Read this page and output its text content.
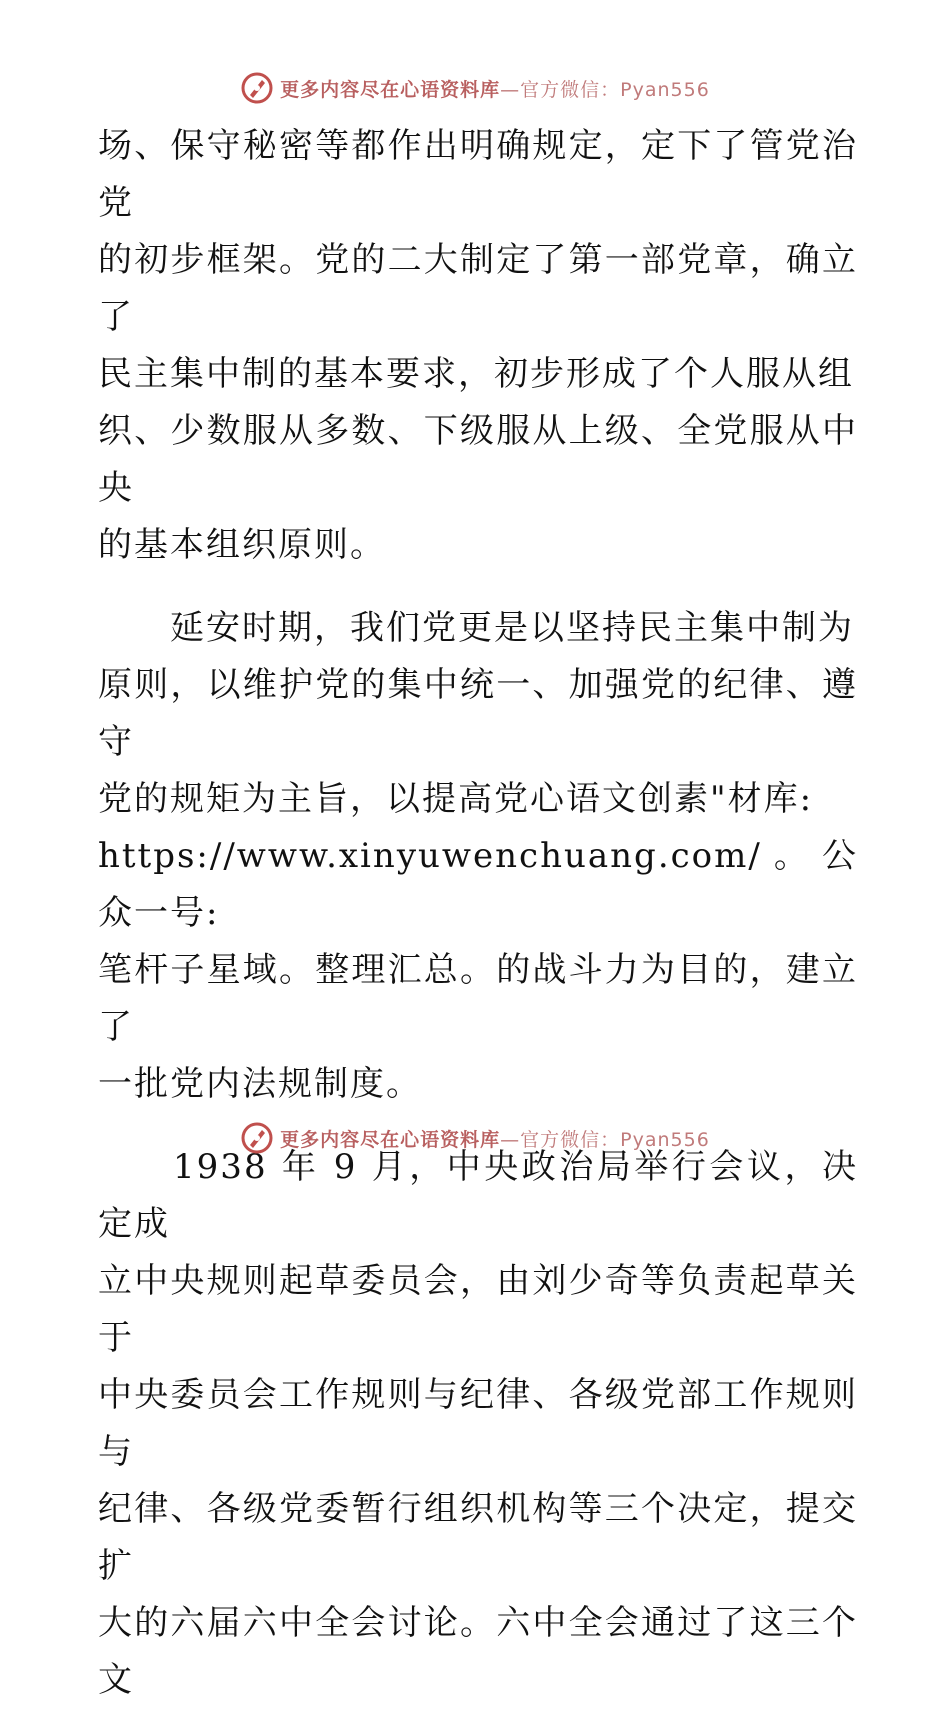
更多内容尽在心语资料库—官方微信：Pyan556

场、保守秘密等都作出明确规定，定下了管党治党
的初步框架。党的二大制定了第一部党章，确立了
民主集中制的基本要求，初步形成了个人服从组
织、少数服从多数、下级服从上级、全党服从中央
的基本组织原则。

　　延安时期，我们党更是以坚持民主集中制为
原则，以维护党的集中统一、加强党的纪律、遵守
党的规矩为主旨，以提高党心语文创素"材库:
https://www.xinyuwenchuang.com/。公众一号:
笔杆子星域。整理汇总。的战斗力为目的，建立了
一批党内法规制度。

　　1938 年 9 月，中央政治局举行会议，决定成
立中央规则起草委员会，由刘少奇等负责起草关于
中央委员会工作规则与纪律、各级党部工作规则与
纪律、各级党委暂行组织机构等三个决定，提交扩
大的六届六中全会讨论。六中全会通过了这三个文

更多内容尽在心语资料库—官方微信：Pyan556
